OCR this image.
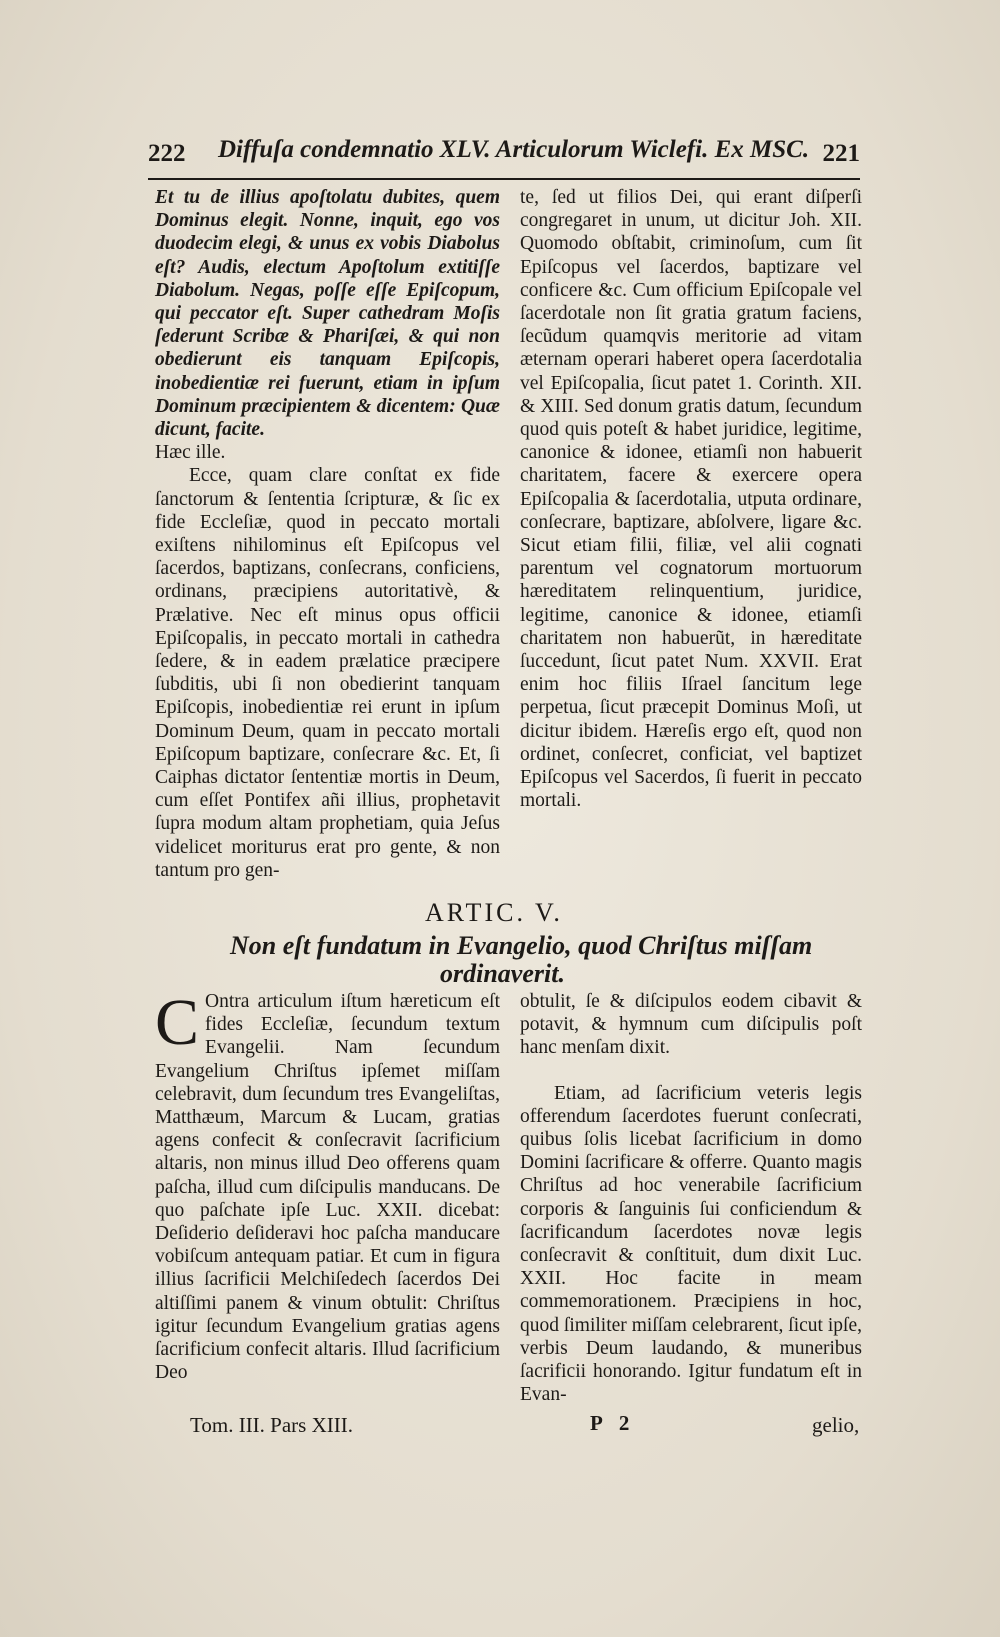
222 Diffuſa condemnatio XLV. Articulorum Wiclefi. Ex MSC. 221

Et tu de illius apoſtolatu dubites, quem Dominus elegit. Nonne, inquit, ego vos duodecim elegi, & unus ex vobis Diabolus eſt? Audis, electum Apoſtolum extitiſſe Diabolum. Negas, poſſe eſſe Epiſcopum, qui peccator eſt. Super cathedram Moſis ſederunt Scribæ & Phariſæi, & qui non obedierunt eis tanquam Epiſcopis, inobedientiæ rei fuerunt, etiam in ipſum Dominum præcipientem & dicentem: Quæ dicunt, facite.

Hæc ille.

Ecce, quam clare conſtat ex fide ſanctorum & ſententia ſcripturæ, & ſic ex fide Eccleſiæ, quod in peccato mortali exiſtens nihilominus eſt Epiſcopus vel ſacerdos, baptizans, conſecrans, conficiens, ordinans, præcipiens autoritativè, & Prælative. Nec eſt minus opus officii Epiſcopalis, in peccato mortali in cathedra ſedere, & in eadem prælatice præcipere ſubditis, ubi ſi non obedierint tanquam Epiſcopis, inobedientiæ rei erunt in ipſum Dominum Deum, quam in peccato mortali Epiſcopum baptizare, conſecrare &c. Et, ſi Caiphas dictator ſententiæ mortis in Deum, cum eſſet Pontifex añi illius, prophetavit ſupra modum altam prophetiam, quia Jeſus videlicet moriturus erat pro gente, & non tantum pro gen-

te, ſed ut filios Dei, qui erant diſperſi congregaret in unum, ut dicitur Joh. XII. Quomodo obſtabit, criminoſum, cum ſit Epiſcopus vel ſacerdos, baptizare vel conficere &c. Cum officium Epiſcopale vel ſacerdotale non ſit gratia gratum faciens, ſecũdum quamqvis meritorie ad vitam æternam operari haberet opera ſacerdotalia vel Epiſcopalia, ſicut patet 1. Corinth. XII. & XIII. Sed donum gratis datum, ſecundum quod quis poteſt & habet juridice, legitime, canonice & idonee, etiamſi non habuerit charitatem, facere & exercere opera Epiſcopalia & ſacerdotalia, utputa ordinare, conſecrare, baptizare, abſolvere, ligare &c. Sicut etiam filii, filiæ, vel alii cognati parentum vel cognatorum mortuorum hæreditatem relinquentium, juridice, legitime, canonice & idonee, etiamſi charitatem non habuerũt, in hæreditate ſuccedunt, ſicut patet Num. XXVII. Erat enim hoc filiis Iſrael ſancitum lege perpetua, ſicut præcepit Dominus Moſi, ut dicitur ibidem. Hæreſis ergo eſt, quod non ordinet, conſecret, conficiat, vel baptizet Epiſcopus vel Sacerdos, ſi fuerit in peccato mortali.

ARTIC. V.
Non eſt fundatum in Evangelio, quod Chriſtus miſſam
ordinaverit.

C Ontra articulum iſtum hæreticum eſt fides Eccleſiæ, ſecundum textum Evangelii. Nam ſecundum Evangelium Chriſtus ipſemet miſſam celebravit, dum ſecundum tres Evangeliſtas, Matthæum, Marcum & Lucam, gratias agens confecit & conſecravit ſacrificium altaris, non minus illud Deo offerens quam paſcha, illud cum diſcipulis manducans. De quo paſchate ipſe Luc. XXII. dicebat: Deſiderio deſideravi hoc paſcha manducare vobiſcum antequam patiar. Et cum in figura illius ſacrificii Melchiſedech ſacerdos Dei altiſſimi panem & vinum obtulit: Chriſtus igitur ſecundum Evangelium gratias agens ſacrificium confecit altaris. Illud ſacrificium Deo

obtulit, ſe & diſcipulos eodem cibavit & potavit, & hymnum cum diſcipulis poſt hanc menſam dixit.

Etiam, ad ſacrificium veteris legis offerendum ſacerdotes fuerunt conſecrati, quibus ſolis licebat ſacrificium in domo Domini ſacrificare & offerre. Quanto magis Chriſtus ad hoc venerabile ſacrificium corporis & ſanguinis ſui conficiendum & ſacrificandum ſacerdotes novæ legis conſecravit & conſtituit, dum dixit Luc. XXII. Hoc facite in meam commemorationem. Præcipiens in hoc, quod ſimiliter miſſam celebrarent, ſicut ipſe, verbis Deum laudando, & muneribus ſacrificii honorando. Igitur fundatum eſt in Evan-

Tom. III. Pars XIII.	P 2	gelio,
